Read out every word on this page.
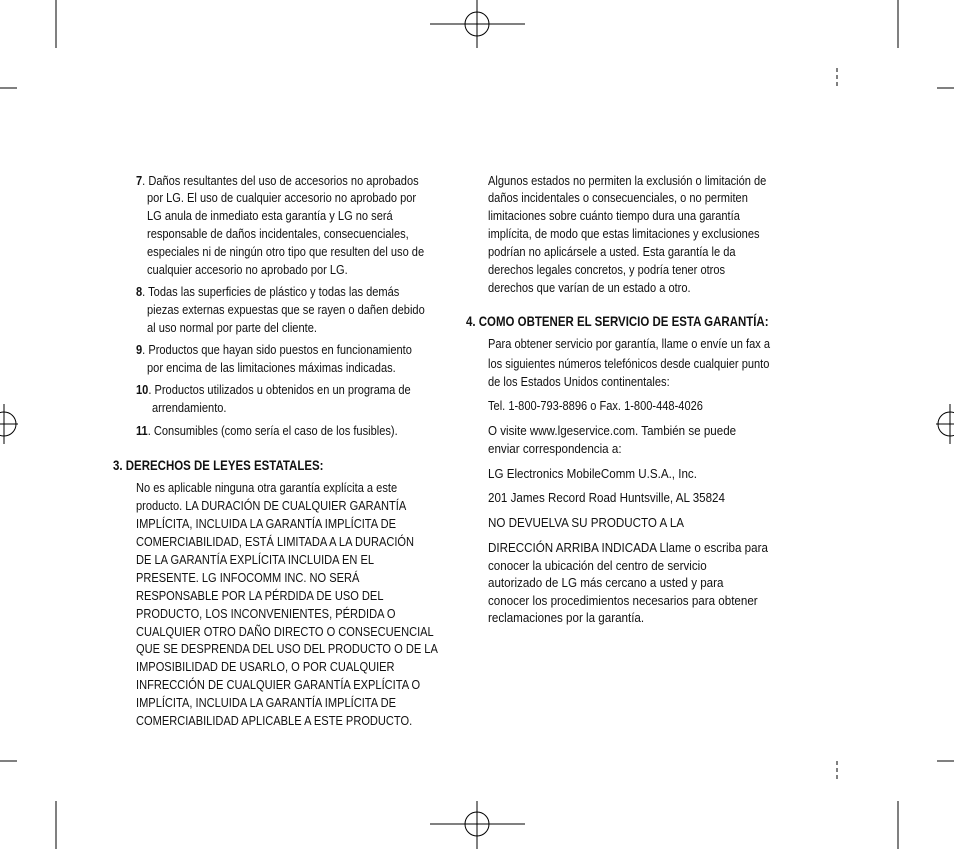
7. Daños resultantes del uso de accesorios no aprobados
por LG. El uso de cualquier accesorio no aprobado por
LG anula de inmediato esta garantía y LG no será
responsable de daños incidentales, consecuenciales,
especiales ni de ningún otro tipo que resulten del uso de
cualquier accesorio no aprobado por LG.
8. Todas las superficies de plástico y todas las demás
piezas externas expuestas que se rayen o dañen debido
al uso normal por parte del cliente.
9. Productos que hayan sido puestos en funcionamiento
por encima de las limitaciones máximas indicadas.
10. Productos utilizados u obtenidos en un programa de
arrendamiento.
11. Consumibles (como sería el caso de los fusibles).
3. DERECHOS DE LEYES ESTATALES:
No es aplicable ninguna otra garantía explícita a este
producto. LA DURACIÓN DE CUALQUIER GARANTÍA
IMPLÍCITA, INCLUIDA LA GARANTÍA IMPLÍCITA DE
COMERCIABILIDAD, ESTÁ LIMITADA A LA DURACIÓN
DE LA GARANTÍA EXPLÍCITA INCLUIDA EN EL
PRESENTE. LG INFOCOMM INC. NO SERÁ
RESPONSABLE POR LA PÉRDIDA DE USO DEL
PRODUCTO, LOS INCONVENIENTES, PÉRDIDA O
CUALQUIER OTRO DAÑO DIRECTO O CONSECUENCIAL
QUE SE DESPRENDA DEL USO DEL PRODUCTO O DE LA
IMPOSIBILIDAD DE USARLO, O POR CUALQUIER
INFRECCIÓN DE CUALQUIER GARANTÍA EXPLÍCITA O
IMPLÍCITA, INCLUIDA LA GARANTÍA IMPLÍCITA DE
COMERCIABILIDAD APLICABLE A ESTE PRODUCTO.
Algunos estados no permiten la exclusión o limitación de
daños incidentales o consecuenciales, o no permiten
limitaciones sobre cuánto tiempo dura una garantía
implícita, de modo que estas limitaciones y exclusiones
podrían no aplicársele a usted. Esta garantía le da
derechos legales concretos, y podría tener otros
derechos que varían de un estado a otro.
4. COMO OBTENER EL SERVICIO DE ESTA GARANTÍA:
Para obtener servicio por garantía, llame o envíe un fax a
los siguientes números telefónicos desde cualquier punto
de los Estados Unidos continentales:
Tel. 1-800-793-8896 o Fax. 1-800-448-4026
O visite www.lgeservice.com. También se puede
enviar correspondencia a:
LG Electronics MobileComm U.S.A., Inc.
201 James Record Road Huntsville, AL 35824
NO DEVUELVA SU PRODUCTO A LA
DIRECCIÓN ARRIBA INDICADA Llame o escriba para
conocer la ubicación del centro de servicio
autorizado de LG más cercano a usted y para
conocer los procedimientos necesarios para obtener
reclamaciones por la garantía.
